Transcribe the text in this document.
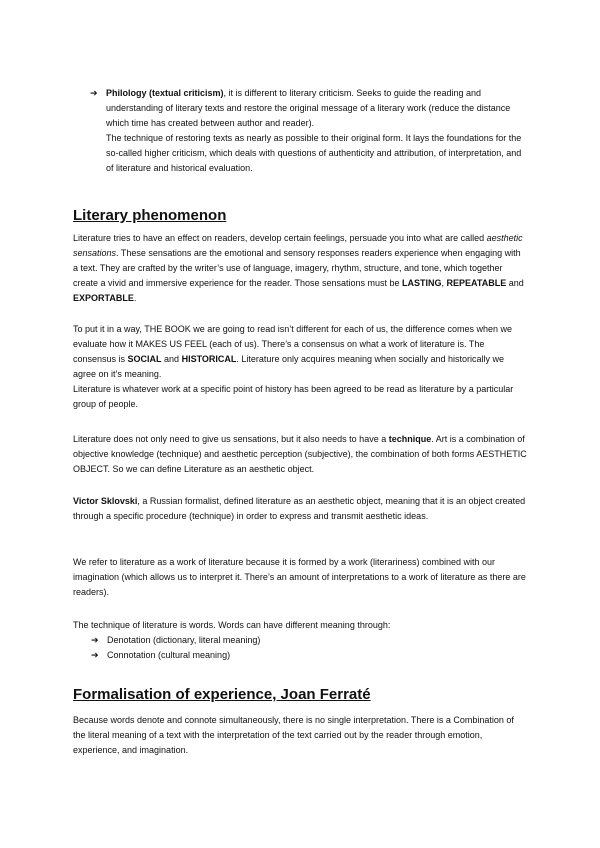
➔ Philology (textual criticism), it is different to literary criticism. Seeks to guide the reading and understanding of literary texts and restore the original message of a literary work (reduce the distance which time has created between author and reader).

The technique of restoring texts as nearly as possible to their original form. It lays the foundations for the so-called higher criticism, which deals with questions of authenticity and attribution, of interpretation, and of literature and historical evaluation.

Literary phenomenon

Literature tries to have an effect on readers, develop certain feelings, persuade you into what are called aesthetic sensations. These sensations are the emotional and sensory responses readers experience when engaging with a text. They are crafted by the writer’s use of language, imagery, rhythm, structure, and tone, which together create a vivid and immersive experience for the reader. Those sensations must be LASTING, REPEATABLE and EXPORTABLE.

To put it in a way, THE BOOK we are going to read isn’t different for each of us, the difference comes when we evaluate how it MAKES US FEEL (each of us). There’s a consensus on what a work of literature is. The consensus is SOCIAL and HISTORICAL. Literature only acquires meaning when socially and historically we agree on it’s meaning.

Literature is whatever work at a specific point of history has been agreed to be read as literature by a particular group of people.

Literature does not only need to give us sensations, but it also needs to have a technique. Art is a combination of objective knowledge (technique) and aesthetic perception (subjective), the combination of both forms AESTHETIC OBJECT. So we can define Literature as an aesthetic object.

Victor Sklovski, a Russian formalist, defined literature as an aesthetic object, meaning that it is an object created through a specific procedure (technique) in order to express and transmit aesthetic ideas.

We refer to literature as a work of literature because it is formed by a work (literariness) combined with our imagination (which allows us to interpret it. There’s an amount of interpretations to a work of literature as there are readers).

The technique of literature is words. Words can have different meaning through:

➔ Denotation (dictionary, literal meaning)
➔ Connotation (cultural meaning)
Formalisation of experience, Joan Ferraté

Because words denote and connote simultaneously, there is no single interpretation. There is a Combination of the literal meaning of a text with the interpretation of the text carried out by the reader through emotion, experience, and imagination.
